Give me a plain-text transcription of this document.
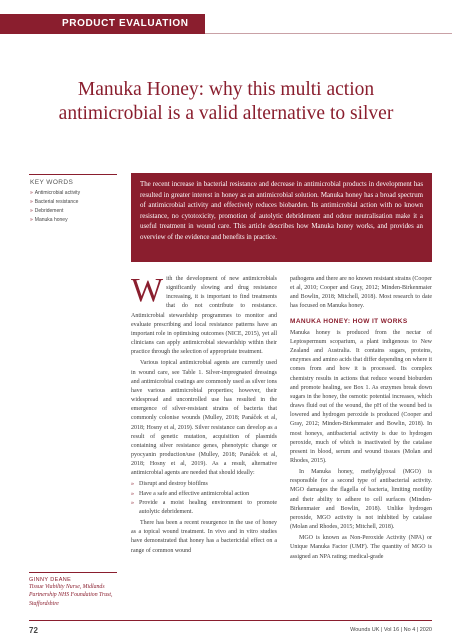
PRODUCT EVALUATION
Manuka Honey: why this multi action antimicrobial is a valid alternative to silver
KEY WORDS
» Antimicrobial activity
» Bacterial resistance
» Debridement
» Manuka honey

The recent increase in bacterial resistance and decrease in antimicrobial products in development has resulted in greater interest in honey as an antimicrobial solution. Manuka honey has a broad spectrum of antimicrobial activity and effectively reduces biobarden. Its antimicrobial action with no known resistance, no cytotoxicity, promotion of autolytic debridement and odour neutralisation make it a useful treatment in wound care. This article describes how Manuka honey works, and provides an overview of the evidence and benefits in practice.

With the development of new antimicrobials significantly slowing and drug resistance increasing, it is important to find treatments that do not contribute to resistance. Antimicrobial stewardship programmes to monitor and evaluate prescribing and local resistance patterns have an important role in optimising outcomes (NICE, 2015), yet all clinicians can apply antimicrobial stewardship within their practice through the selection of appropriate treatment.

Various topical antimicrobial agents are currently used in wound care, see Table 1. Silver-impregnated dressings and antimicrobial coatings are commonly used as silver ions have various antimicrobial properties; however, their widespread and uncontrolled use has resulted in the emergence of silver-resistant strains of bacteria that commonly colonise wounds (Mulley, 2018; Panáček et al, 2018; Hosny et al, 2019). Silver resistance can develop as a result of genetic mutation, acquisition of plasmids containing silver resistance genes, phenotypic change or pyocyanin production/use (Mulley, 2018; Panáček et al, 2018; Hosny et al, 2019). As a result, alternative antimicrobial agents are needed that should ideally:

» Disrupt and destroy biofilms
» Have a safe and effective antimicrobial action
» Provide a moist healing environment to promote autolytic debridement.

There has been a recent resurgence in the use of honey as a topical wound treatment. In vivo and in vitro studies have demonstrated that honey has a bactericidal effect on a range of common wound

pathogens and there are no known resistant strains (Cooper et al, 2010; Cooper and Gray, 2012; Minden-Birkenmaier and Bowlin, 2018; Mitchell, 2018). Most research to date has focused on Manuka honey.

MANUKA HONEY: HOW IT WORKS

Manuka honey is produced from the nectar of Leptospermum scoparium, a plant indigenous to New Zealand and Australia. It contains sugars, proteins, enzymes and amino acids that differ depending on where it comes from and how it is processed. Its complex chemistry results in actions that reduce wound bioburden and promote healing, see Box 1. As enzymes break down sugars in the honey, the osmotic potential increases, which draws fluid out of the wound, the pH of the wound bed is lowered and hydrogen peroxide is produced (Cooper and Gray, 2012; Minden-Birkenmaier and Bowlin, 2018). In most honeys, antibacterial activity is due to hydrogen peroxide, much of which is inactivated by the catalase present in blood, serum and wound tissues (Molan and Rhodes, 2015).

In Manuka honey, methylglyoxal (MGO) is responsible for a second type of antibacterial activity. MGO damages the flagella of bacteria, limiting motility and their ability to adhere to cell surfaces (Minden-Birkenmaier and Bowlin, 2018). Unlike hydrogen peroxide, MGO activity is not inhibited by catalase (Molan and Rhodes, 2015; Mitchell, 2018).

MGO is known as Non-Peroxide Activity (NPA) or Unique Manuka Factor (UMF). The quantity of MGO is assigned an NPA rating; medical-grade

GINNY DEANE
Tissue Viability Nurse, Midlands Partnership NHS Foundation Trust, Staffordshire
72	Wounds UK | Vol 16 | No 4 | 2020
